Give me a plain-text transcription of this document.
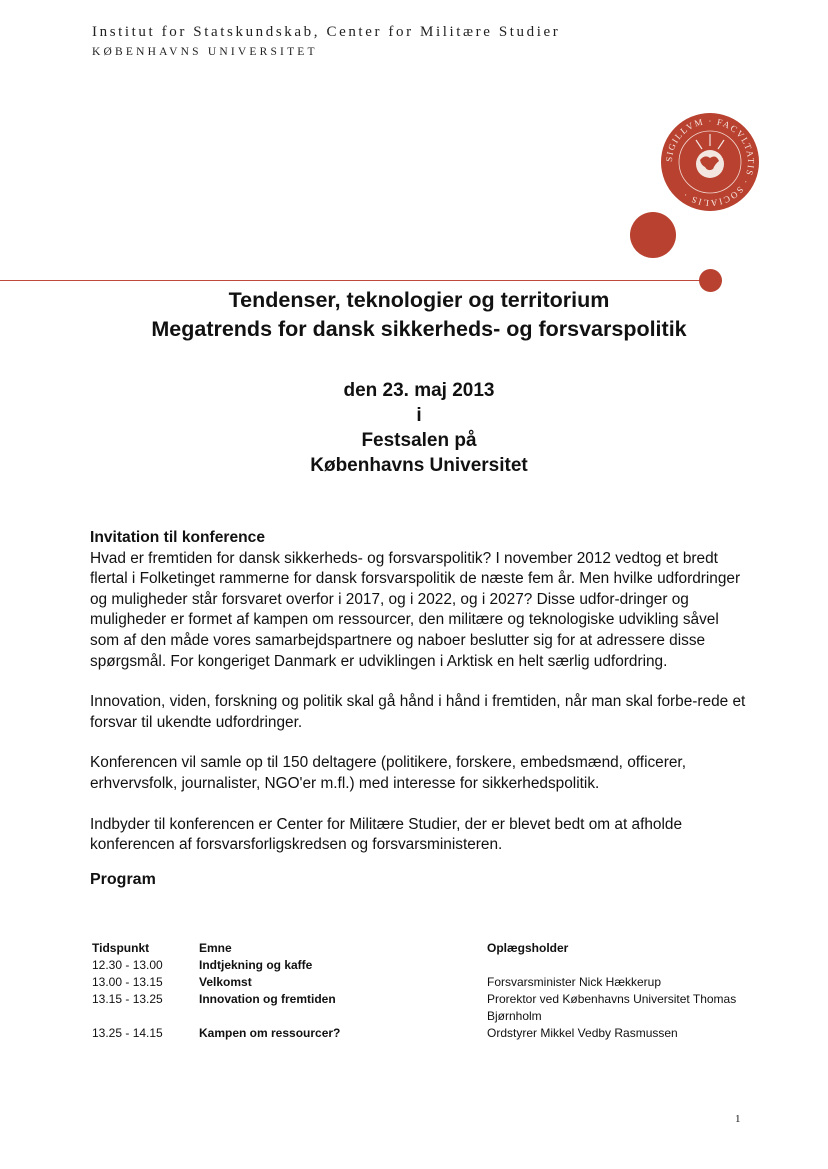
Institut for Statskundskab, Center for Militære Studier
KØBENHAVNS UNIVERSITET
SIGILLVM · FACVLTATIS · SOCIALIS ·
Tendenser, teknologier og territorium
Megatrends for dansk sikkerheds- og forsvarspolitik
den 23. maj 2013
i
Festsalen på
Københavns Universitet
Invitation til konference

Hvad er fremtiden for dansk sikkerheds- og forsvarspolitik? I november 2012 vedtog et bredt flertal i Folketinget rammerne for dansk forsvarspolitik de næste fem år. Men hvilke udfordringer og muligheder står forsvaret overfor i 2017, og i 2022, og i 2027? Disse udfor-dringer og muligheder er formet af kampen om ressourcer, den militære og teknologiske udvikling såvel som af den måde vores samarbejdspartnere og naboer beslutter sig for at adressere disse spørgsmål. For kongeriget Danmark er udviklingen i Arktisk en helt særlig udfordring.

Innovation, viden, forskning og politik skal gå hånd i hånd i fremtiden, når man skal forbe-rede et forsvar til ukendte udfordringer.

Konferencen vil samle op til 150 deltagere (politikere, forskere, embedsmænd, officerer, erhvervsfolk, journalister, NGO'er m.fl.) med interesse for sikkerhedspolitik.

Indbyder til konferencen er Center for Militære Studier, der er blevet bedt om at afholde konferencen af forsvarsforligskredsen og forsvarsministeren.

Program
Tidspunkt	Emne	Oplægsholder
12.30 - 13.00	Indtjekning og kaffe
13.00 - 13.15	Velkomst	Forsvarsminister Nick Hækkerup
13.15 - 13.25	Innovation og fremtiden	Prorektor ved Københavns Universitet Thomas Bjørnholm
13.25 - 14.15	Kampen om ressourcer?	Ordstyrer Mikkel Vedby Rasmussen
1
